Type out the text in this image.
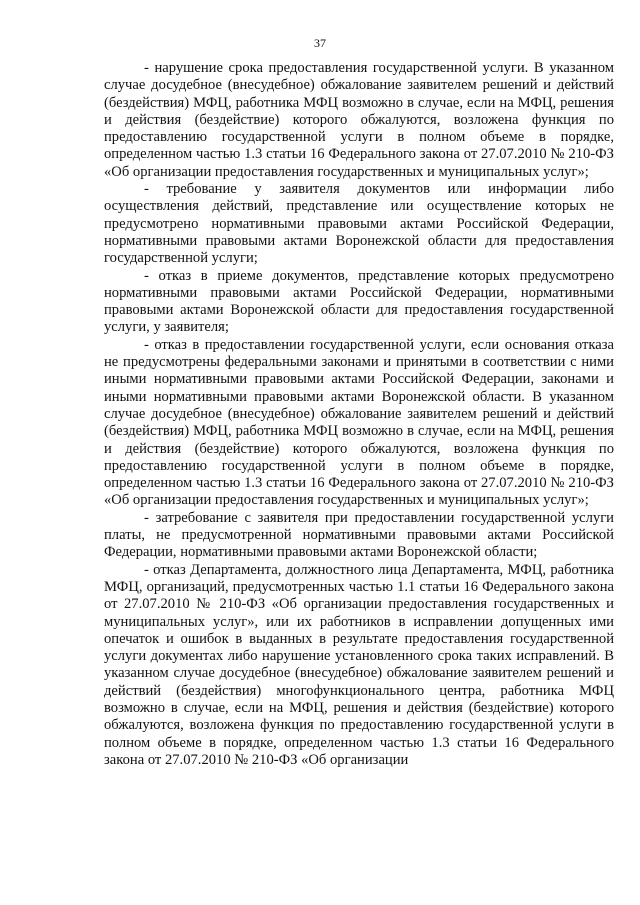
37

- нарушение срока предоставления государственной услуги. В указанном случае досудебное (внесудебное) обжалование заявителем решений и действий (бездействия) МФЦ, работника МФЦ возможно в случае, если на МФЦ, решения и действия (бездействие) которого обжалуются, возложена функция по предоставлению государственной услуги в полном объеме в порядке, определенном частью 1.3 статьи 16 Федерального закона от 27.07.2010 № 210-ФЗ «Об организации предоставления государственных и муниципальных услуг»;

- требование у заявителя документов или информации либо осуществления действий, представление или осуществление которых не предусмотрено нормативными правовыми актами Российской Федерации, нормативными правовыми актами Воронежской области для предоставления государственной услуги;

- отказ в приеме документов, представление которых предусмотрено нормативными правовыми актами Российской Федерации, нормативными правовыми актами Воронежской области для предоставления государственной услуги, у заявителя;

- отказ в предоставлении государственной услуги, если основания отказа не предусмотрены федеральными законами и принятыми в соответствии с ними иными нормативными правовыми актами Российской Федерации, законами и иными нормативными правовыми актами Воронежской области. В указанном случае досудебное (внесудебное) обжалование заявителем решений и действий (бездействия) МФЦ, работника МФЦ возможно в случае, если на МФЦ, решения и действия (бездействие) которого обжалуются, возложена функция по предоставлению государственной услуги в полном объеме в порядке, определенном частью 1.3 статьи 16 Федерального закона от 27.07.2010 № 210-ФЗ «Об организации предоставления государственных и муниципальных услуг»;

- затребование с заявителя при предоставлении государственной услуги платы, не предусмотренной нормативными правовыми актами Российской Федерации, нормативными правовыми актами Воронежской области;

- отказ Департамента, должностного лица Департамента, МФЦ, работника МФЦ, организаций, предусмотренных частью 1.1 статьи 16 Федерального закона от 27.07.2010 № 210-ФЗ «Об организации предоставления государственных и муниципальных услуг», или их работников в исправлении допущенных ими опечаток и ошибок в выданных в результате предоставления государственной услуги документах либо нарушение установленного срока таких исправлений. В указанном случае досудебное (внесудебное) обжалование заявителем решений и действий (бездействия) многофункционального центра, работника МФЦ возможно в случае, если на МФЦ, решения и действия (бездействие) которого обжалуются, возложена функция по предоставлению государственной услуги в полном объеме в порядке, определенном частью 1.3 статьи 16 Федерального закона от 27.07.2010 № 210-ФЗ «Об организации
